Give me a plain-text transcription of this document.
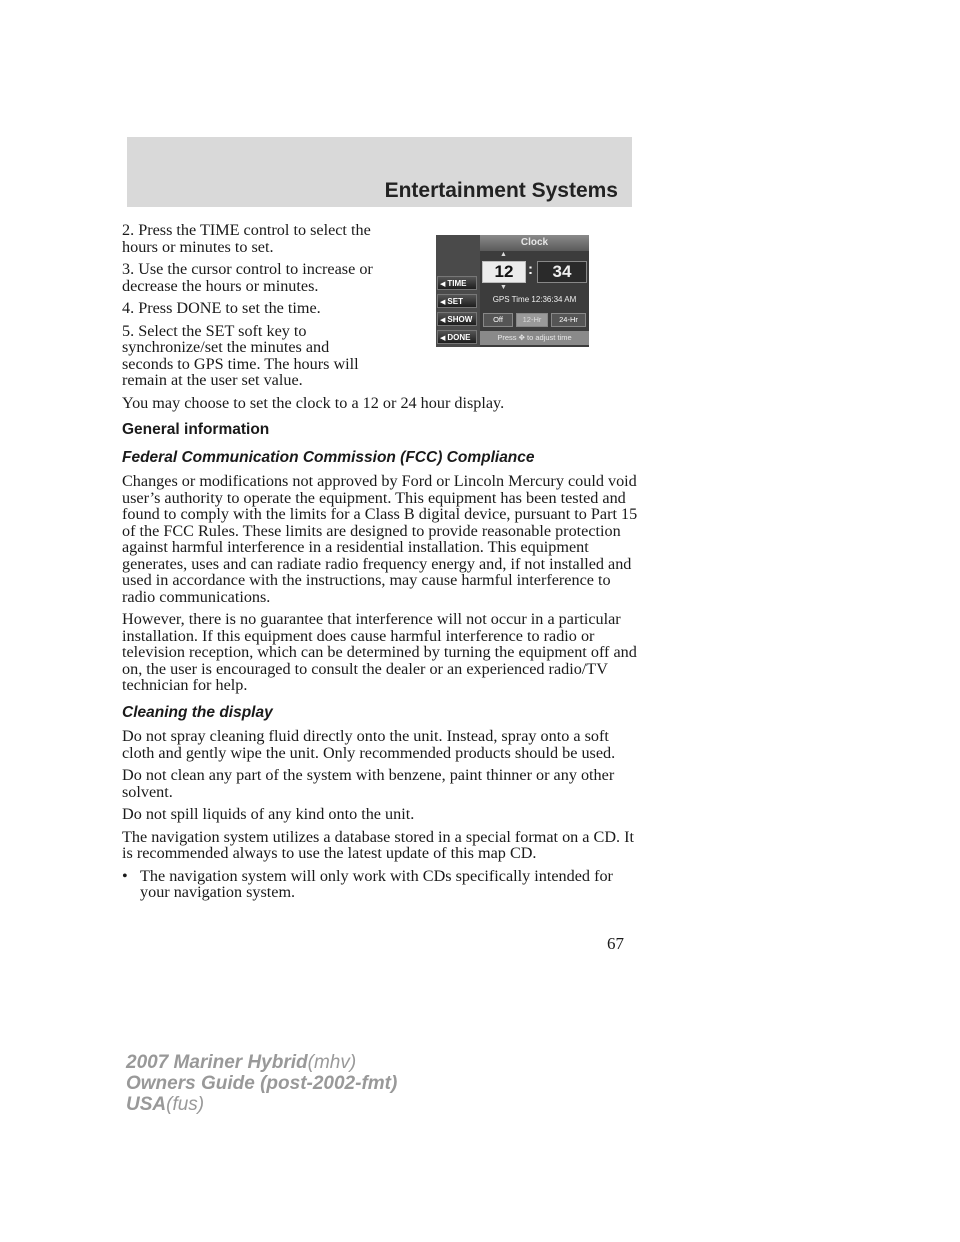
Entertainment Systems
Clock
◀ TIME
◀ SET
◀ SHOW
◀ DONE
▲
12 :	34
▼
GPS Time 12:36:34 AM
Off	12-Hr	24-Hr
Press ✥ to adjust time

2. Press the TIME control to select the hours or minutes to set.

3. Use the cursor control to increase or decrease the hours or minutes.

4. Press DONE to set the time.

5. Select the SET soft key to synchronize/set the minutes and seconds to GPS time. The hours will remain at the user set value.

You may choose to set the clock to a 12 or 24 hour display.

General information
Federal Communication Commission (FCC) Compliance

Changes or modifications not approved by Ford or Lincoln Mercury could void user’s authority to operate the equipment. This equipment has been tested and found to comply with the limits for a Class B digital device, pursuant to Part 15 of the FCC Rules. These limits are designed to provide reasonable protection against harmful interference in a residential installation. This equipment generates, uses and can radiate radio frequency energy and, if not installed and used in accordance with the instructions, may cause harmful interference to radio communications.

However, there is no guarantee that interference will not occur in a particular installation. If this equipment does cause harmful interference to radio or television reception, which can be determined by turning the equipment off and on, the user is encouraged to consult the dealer or an experienced radio/TV technician for help.

Cleaning the display

Do not spray cleaning fluid directly onto the unit. Instead, spray onto a soft cloth and gently wipe the unit. Only recommended products should be used.

Do not clean any part of the system with benzene, paint thinner or any other solvent.

Do not spill liquids of any kind onto the unit.

The navigation system utilizes a database stored in a special format on a CD. It is recommended always to use the latest update of this map CD.

• The navigation system will only work with CDs specifically intended for your navigation system.
67
2007 Mariner Hybrid(mhv)
Owners Guide (post-2002-fmt)
USA(fus)
